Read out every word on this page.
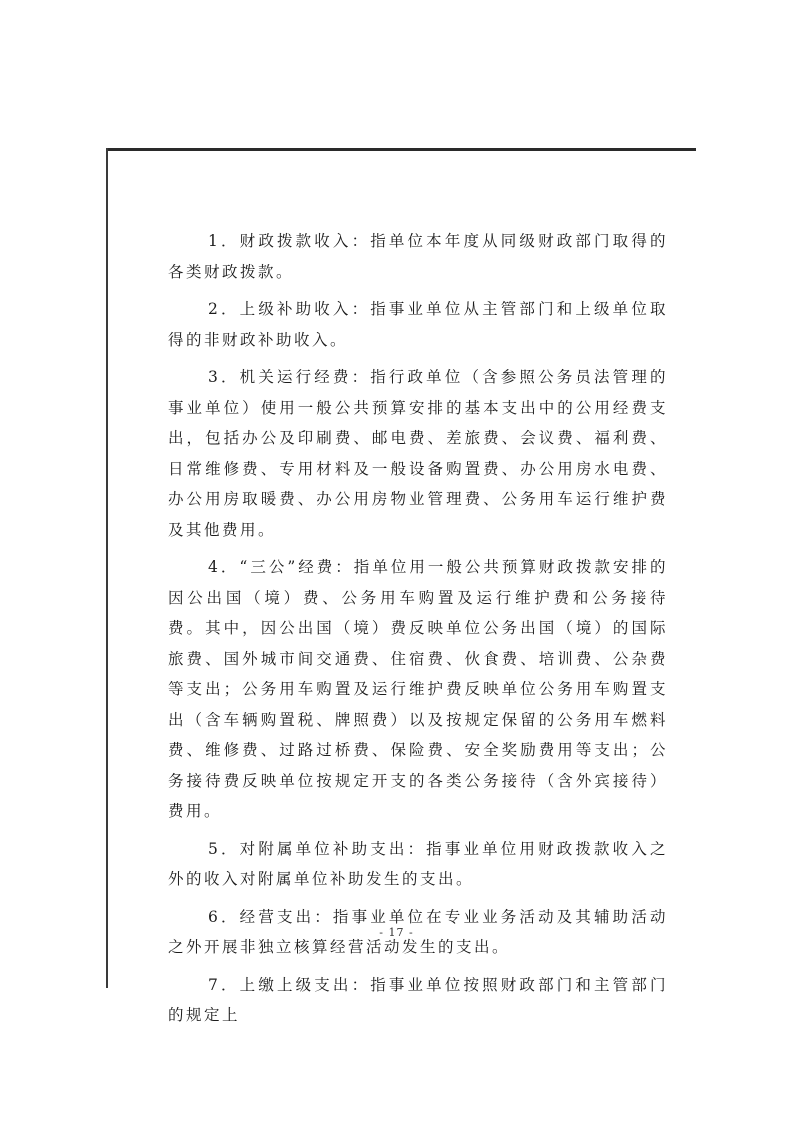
1．财政拨款收入：指单位本年度从同级财政部门取得的各类财政拨款。

2．上级补助收入：指事业单位从主管部门和上级单位取得的非财政补助收入。

3．机关运行经费：指行政单位（含参照公务员法管理的事业单位）使用一般公共预算安排的基本支出中的公用经费支出，包括办公及印刷费、邮电费、差旅费、会议费、福利费、日常维修费、专用材料及一般设备购置费、办公用房水电费、办公用房取暖费、办公用房物业管理费、公务用车运行维护费及其他费用。

4．“三公”经费：指单位用一般公共预算财政拨款安排的因公出国（境）费、公务用车购置及运行维护费和公务接待费。其中，因公出国（境）费反映单位公务出国（境）的国际旅费、国外城市间交通费、住宿费、伙食费、培训费、公杂费等支出；公务用车购置及运行维护费反映单位公务用车购置支出（含车辆购置税、牌照费）以及按规定保留的公务用车燃料费、维修费、过路过桥费、保险费、安全奖励费用等支出；公务接待费反映单位按规定开支的各类公务接待（含外宾接待）费用。

5．对附属单位补助支出：指事业单位用财政拨款收入之外的收入对附属单位补助发生的支出。

6．经营支出：指事业单位在专业业务活动及其辅助活动之外开展非独立核算经营活动发生的支出。

7．上缴上级支出：指事业单位按照财政部门和主管部门的规定上

- 17 -
